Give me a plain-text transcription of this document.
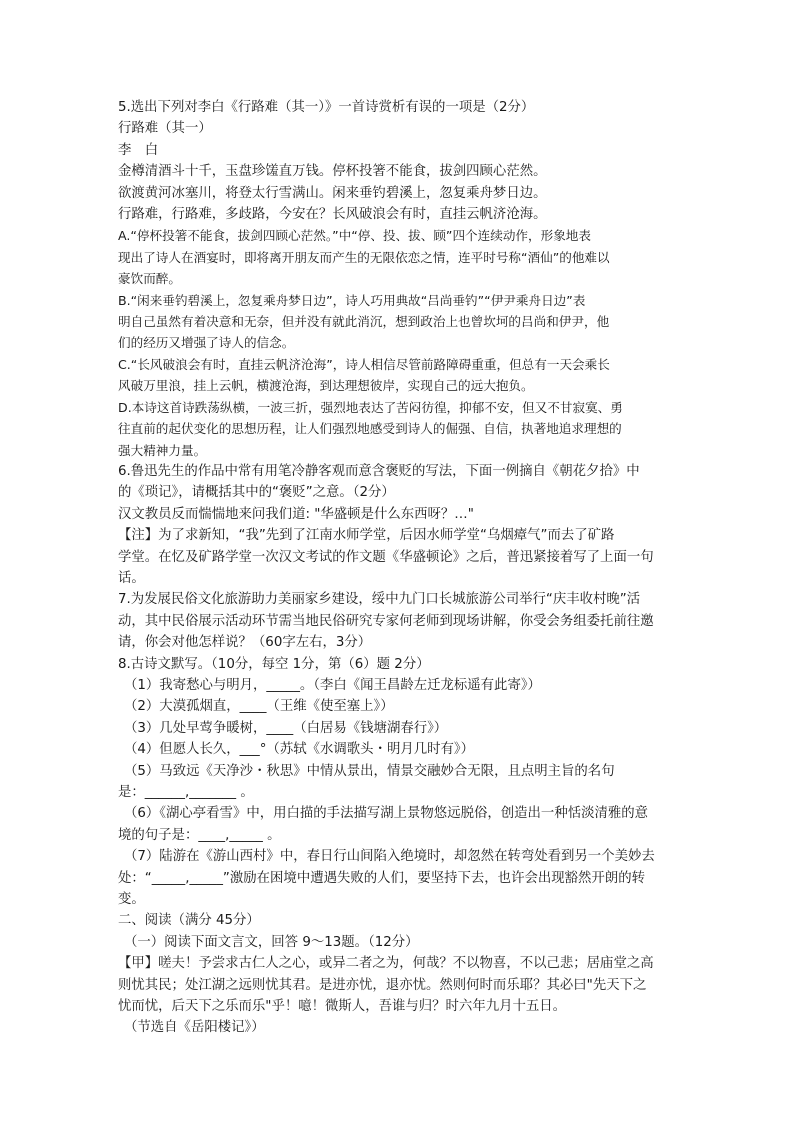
5.选出下列对李白《行路难（其一）》一首诗赏析有误的一项是（2分）
行路难（其一）
李　白
金樽清酒斗十千，玉盘珍馐直万钱。停杯投箸不能食，拔剑四顾心茫然。
欲渡黄河冰塞川，将登太行雪满山。闲来垂钓碧溪上，忽复乘舟梦日边。
行路难，行路难，多歧路，今安在？长风破浪会有时，直挂云帆济沧海。
A.“停杯投箸不能食，拔剑四顾心茫然。”中“停、投、拔、顾”四个连续动作，形象地表
现出了诗人在酒宴时，即将离开朋友而产生的无限依恋之情，连平时号称“酒仙”的他难以
豪饮而醉。
B.“闲来垂钓碧溪上，忽复乘舟梦日边”，诗人巧用典故“吕尚垂钓”“伊尹乘舟日边”表
明自己虽然有着决意和无奈，但并没有就此消沉，想到政治上也曾坎坷的吕尚和伊尹，他
们的经历又增强了诗人的信念。
C.“长风破浪会有时，直挂云帆济沧海”，诗人相信尽管前路障碍重重，但总有一天会乘长
风破万里浪，挂上云帆，横渡沧海，到达理想彼岸，实现自己的远大抱负。
D.本诗这首诗跌荡纵横，一波三折，强烈地表达了苦闷彷徨，抑郁不安，但又不甘寂寞、勇
往直前的起伏变化的思想历程，让人们强烈地感受到诗人的倔强、自信，执著地追求理想的
强大精神力量。
6.鲁迅先生的作品中常有用笔冷静客观而意含褒贬的写法，下面一例摘自《朝花夕拾》中
的《琐记》，请概括其中的“褒贬”之意。（2分）
汉文教员反而惴惴地来问我们道: "华盛顿是什么东西呀？…"
【注】为了求新知，“我”先到了江南水师学堂，后因水师学堂“乌烟瘴气”而去了矿路
学堂。在忆及矿路学堂一次汉文考试的作文题《华盛顿论》之后，普迅紧接着写了上面一句
话。
7.为发展民俗文化旅游助力美丽家乡建设，绥中九门口长城旅游公司举行“庆丰收村晚”活
动，其中民俗展示活动环节需当地民俗研究专家何老师到现场讲解，你受会务组委托前往邀
请，你会对他怎样说？（60字左右，3分）
8.古诗文默写。（10分，每空 1分，第（6）题 2分）
（1）我寄愁心与明月，_____。（李白《闻王昌龄左迁龙标遥有此寄》）
（2）大漠孤烟直，____（王维《使至塞上》）
（3）几处早莺争暖树，____（白居易《钱塘湖春行》）
（4）但愿人长久，___°（苏轼《水调歌头・明月几时有》）
（5）马致远《天净沙・秋思》中情从景出，情景交融妙合无限，且点明主旨的名句
是：______,_______ 。
（6）《湖心亭看雪》中，用白描的手法描写湖上景物悠远脱俗，创造出一种恬淡清雅的意
境的句子是：____,_____ 。
（7）陆游在《游山西村》中，春日行山间陷入绝境时，却忽然在转弯处看到另一个美妙去
处：“_____,_____”激励在困境中遭遇失败的人们，要坚持下去，也许会出现豁然开朗的转
变。
二、阅读（满分 45分）
（一）阅读下面文言文，回答 9～13题。（12分）
【甲】嗟夫！予尝求古仁人之心，或异二者之为，何哉？不以物喜，不以己悲；居庙堂之高
则忧其民；处江湖之远则忧其君。是进亦忧，退亦忧。然则何时而乐耶？其必曰"先天下之
忧而忧，后天下之乐而乐"乎！噫！微斯人，吾谁与归？时六年九月十五日。
（节选自《岳阳楼记》）
